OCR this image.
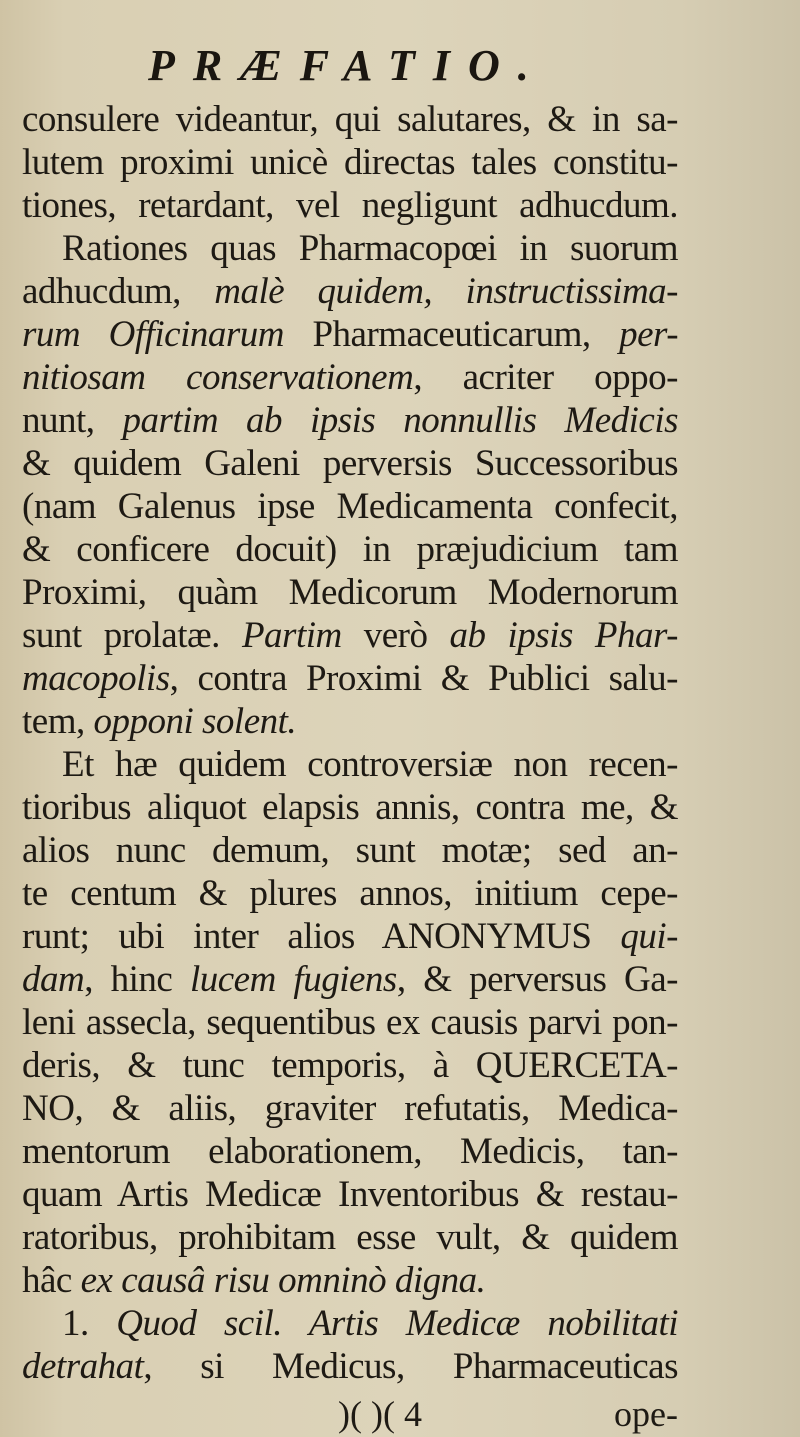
PRÆFATIO.
consulere videantur, qui salutares, & in sa-
lutem proximi unicè directas tales constitu-
tiones, retardant, vel negligunt adhucdum.
Rationes quas Pharmacopœi in suorum
adhucdum, malè quidem, instructissima-
rum Officinarum Pharmaceuticarum, per-
nitiosam conservationem, acriter oppo-
nunt, partim ab ipsis nonnullis Medicis
& quidem Galeni perversis Successoribus
(nam Galenus ipse Medicamenta confecit,
& conficere docuit) in præjudicium tam
Proximi, quàm Medicorum Modernorum
sunt prolatæ. Partim verò ab ipsis Phar-
macopolis, contra Proximi & Publici salu-
tem, opponi solent.
Et hæ quidem controversiæ non recen-
tioribus aliquot elapsis annis, contra me, &
alios nunc demum, sunt motæ; sed an-
te centum & plures annos, initium cepe-
runt; ubi inter alios ANONYMUS qui-
dam, hinc lucem fugiens, & perversus Ga-
leni assecla, sequentibus ex causis parvi pon-
deris, & tunc temporis, à QUERCETA-
NO, & aliis, graviter refutatis, Medica-
mentorum elaborationem, Medicis, tan-
quam Artis Medicæ Inventoribus & restau-
ratoribus, prohibitam esse vult, & quidem
hâc ex causâ risu omninò digna.
1. Quod scil. Artis Medicæ nobilitati
detrahat, si Medicus, Pharmaceuticas
)( )( 4	ope-
